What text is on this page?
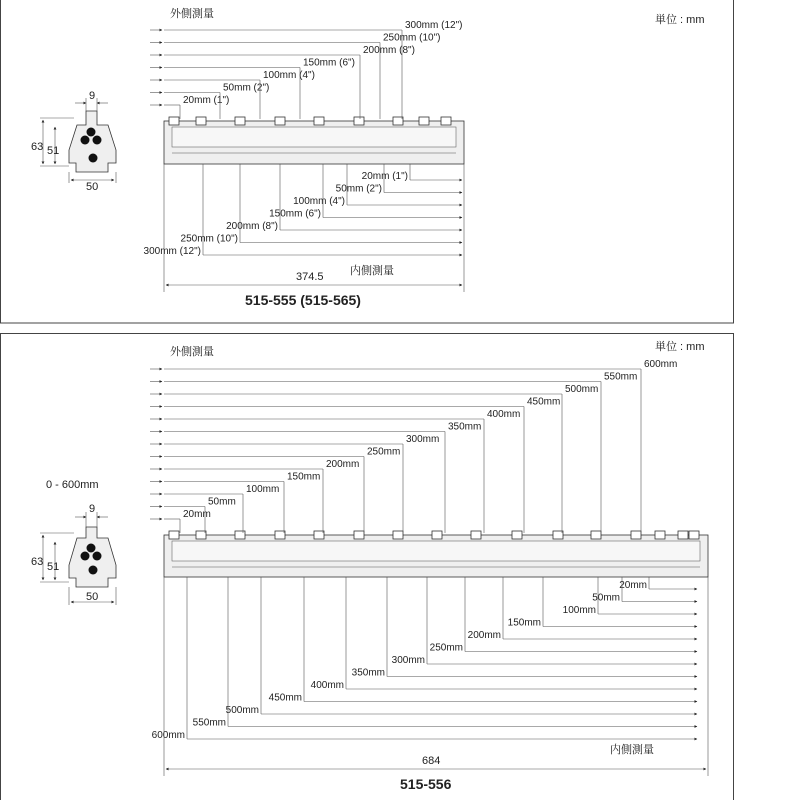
外側測量	単位 : mm
9
63 51
50
20mm (1")
50mm (2")
100mm (4")
150mm (6")
200mm (8")
250mm (10")
300mm (12")
20mm (1")
50mm (2")
100mm (4")
150mm (6")
200mm (8")
250mm (10")
300mm (12")
374.5 内側測量
515-555 (515-565)
外側測量	単位 : mm
0 - 600mm
9
63 51
50
20mm
50mm
100mm
150mm
200mm
250mm
300mm
350mm
400mm
450mm
500mm
550mm
600mm
20mm
50mm
100mm
150mm
200mm
250mm
300mm
350mm
400mm
450mm
500mm
550mm
600mm
684
内側測量
515-556
